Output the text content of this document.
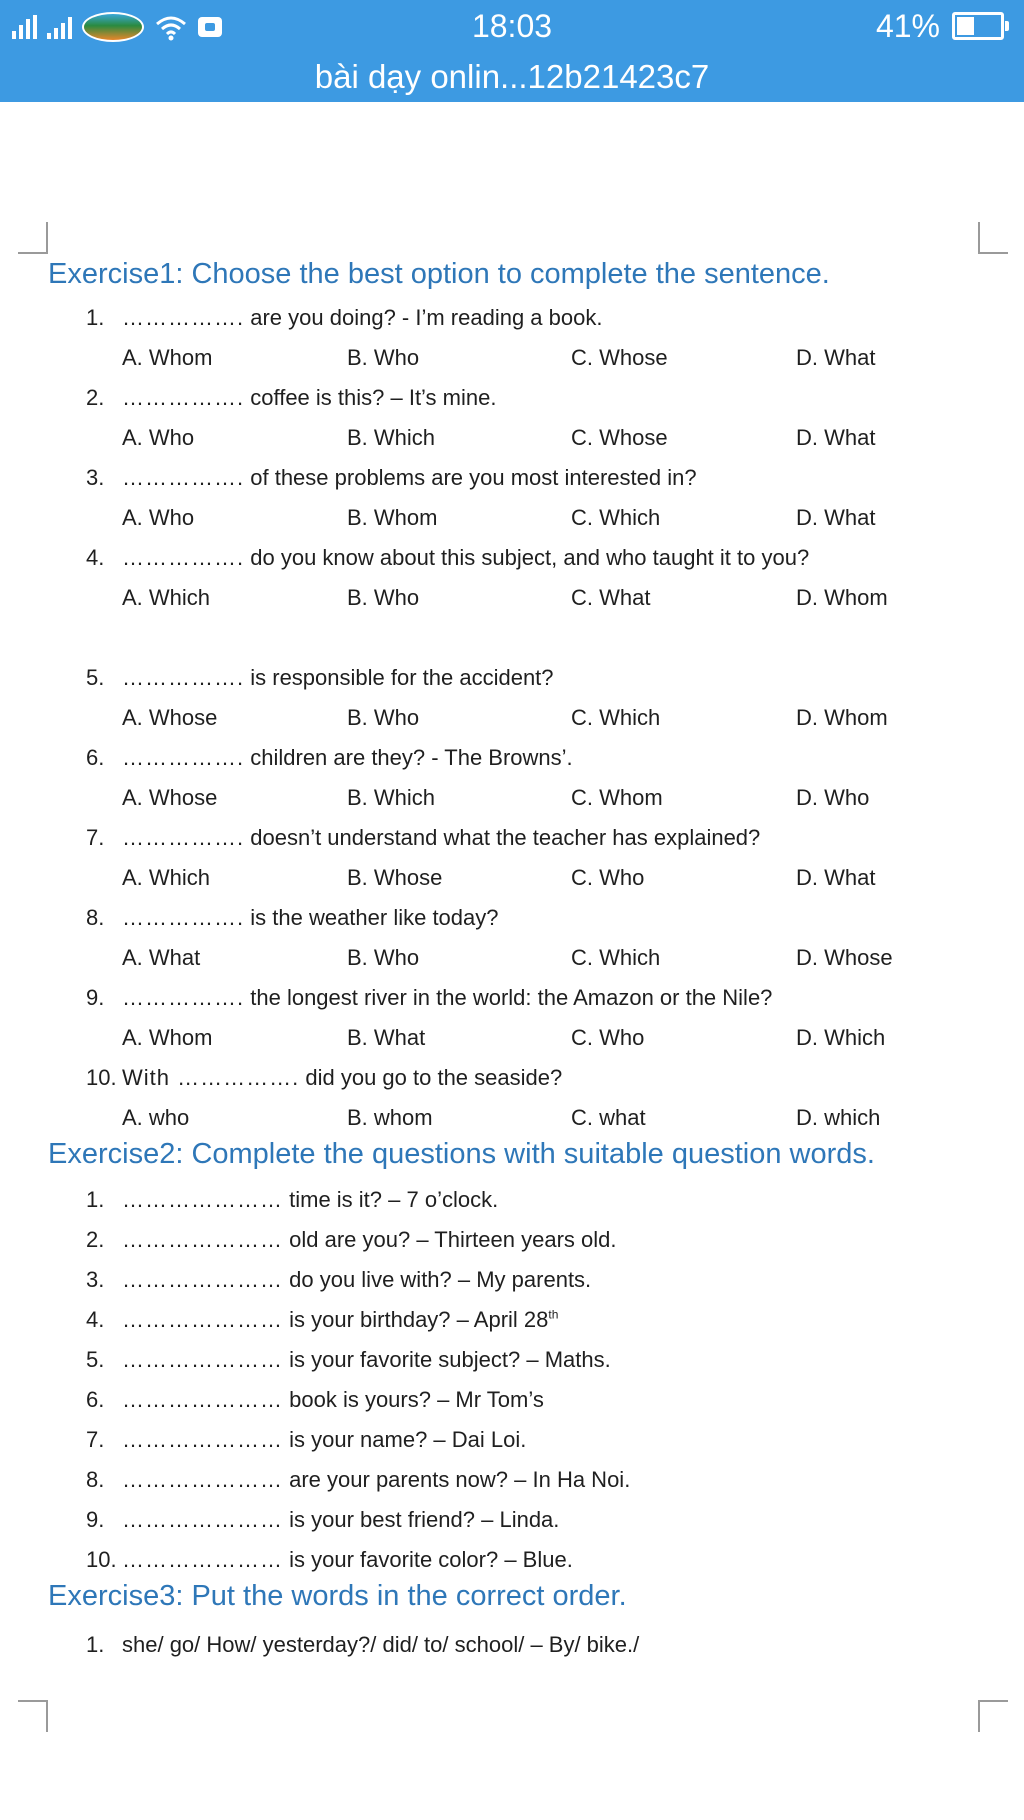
18:03	41%
bài dạy onlin...12b21423c7
Exercise1: Choose the best option to complete the sentence.
1. ……………. are you doing? - I’m reading a book.
A. Whom	B. Who	C. Whose	D. What
2. ……………. coffee is this? – It’s mine.
A. Who	B. Which	C. Whose	D. What
3. ……………. of these problems are you most interested in?
A. Who	B. Whom	C. Which	D. What
4. ……………. do you know about this subject, and who taught it to you?
A. Which	B. Who	C. What	D. Whom
5. ……………. is responsible for the accident?
A. Whose	B. Who	C. Which	D. Whom
6. ……………. children are they? - The Browns’.
A. Whose	B. Which	C. Whom	D. Who
7. ……………. doesn’t understand what the teacher has explained?
A. Which	B. Whose	C. Who	D. What
8. ……………. is the weather like today?
A. What	B. Who	C. Which	D. Whose
9. ……………. the longest river in the world: the Amazon or the Nile?
A. Whom	B. What	C. Who	D. Which
10. With ……………. did you go to the seaside?
A. who	B. whom	C. what	D. which
Exercise2: Complete the questions with suitable question words.
1. ………………… time is it? – 7 o’clock.
2. ………………… old are you? – Thirteen years old.
3. ………………… do you live with? – My parents.
4. ………………… is your birthday? – April 28th
5. ………………… is your favorite subject? – Maths.
6. ………………… book is yours? – Mr Tom’s
7. ………………… is your name? – Dai Loi.
8. ………………… are your parents now? – In Ha Noi.
9. ………………… is your best friend? – Linda.
10. ………………… is your favorite color? – Blue.
Exercise3: Put the words in the correct order.
1. she/ go/ How/ yesterday?/ did/ to/ school/ – By/ bike./
